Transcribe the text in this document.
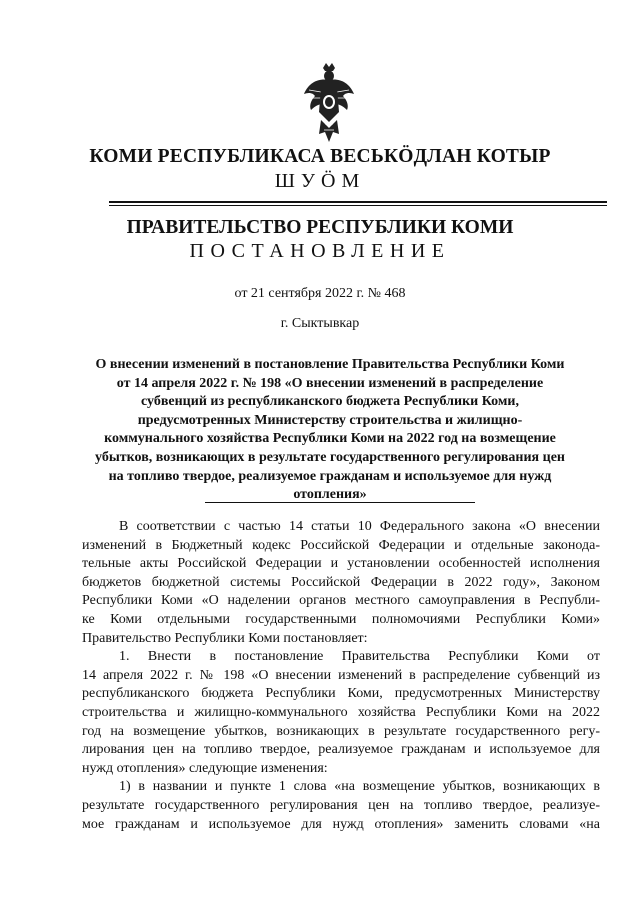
КОМИ РЕСПУБЛИКАСА ВЕСЬКÖДЛАН КОТЫР
ШУÖМ
ПРАВИТЕЛЬСТВО РЕСПУБЛИКИ КОМИ
ПОСТАНОВЛЕНИЕ
от 21 сентября 2022 г. № 468
г. Сыктывкар
О внесении изменений в постановление Правительства Республики Коми
от 14 апреля 2022 г. № 198 «О внесении изменений в распределение
субвенций из республиканского бюджета Республики Коми,
предусмотренных Министерству строительства и жилищно-
коммунального хозяйства Республики Коми на 2022 год на возмещение
убытков, возникающих в результате государственного регулирования цен
на топливо твердое, реализуемое гражданам и используемое для нужд
отопления»
В соответствии с частью 14 статьи 10 Федерального закона «О внесении
изменений в Бюджетный кодекс Российской Федерации и отдельные законода-
тельные акты Российской Федерации и установлении особенностей исполнения
бюджетов бюджетной системы Российской Федерации в 2022 году», Законом
Республики Коми «О наделении органов местного самоуправления в Республи-
ке Коми отдельными государственными полномочиями Республики Коми»
Правительство Республики Коми постановляет:
1. Внести в постановление Правительства Республики Коми от
14 апреля 2022 г. № 198 «О внесении изменений в распределение субвенций из
республиканского бюджета Республики Коми, предусмотренных Министерству
строительства и жилищно-коммунального хозяйства Республики Коми на 2022
год на возмещение убытков, возникающих в результате государственного регу-
лирования цен на топливо твердое, реализуемое гражданам и используемое для
нужд отопления» следующие изменения:
1) в названии и пункте 1 слова «на возмещение убытков, возникающих в
результате государственного регулирования цен на топливо твердое, реализуе-
мое гражданам и используемое для нужд отопления» заменить словами «на
